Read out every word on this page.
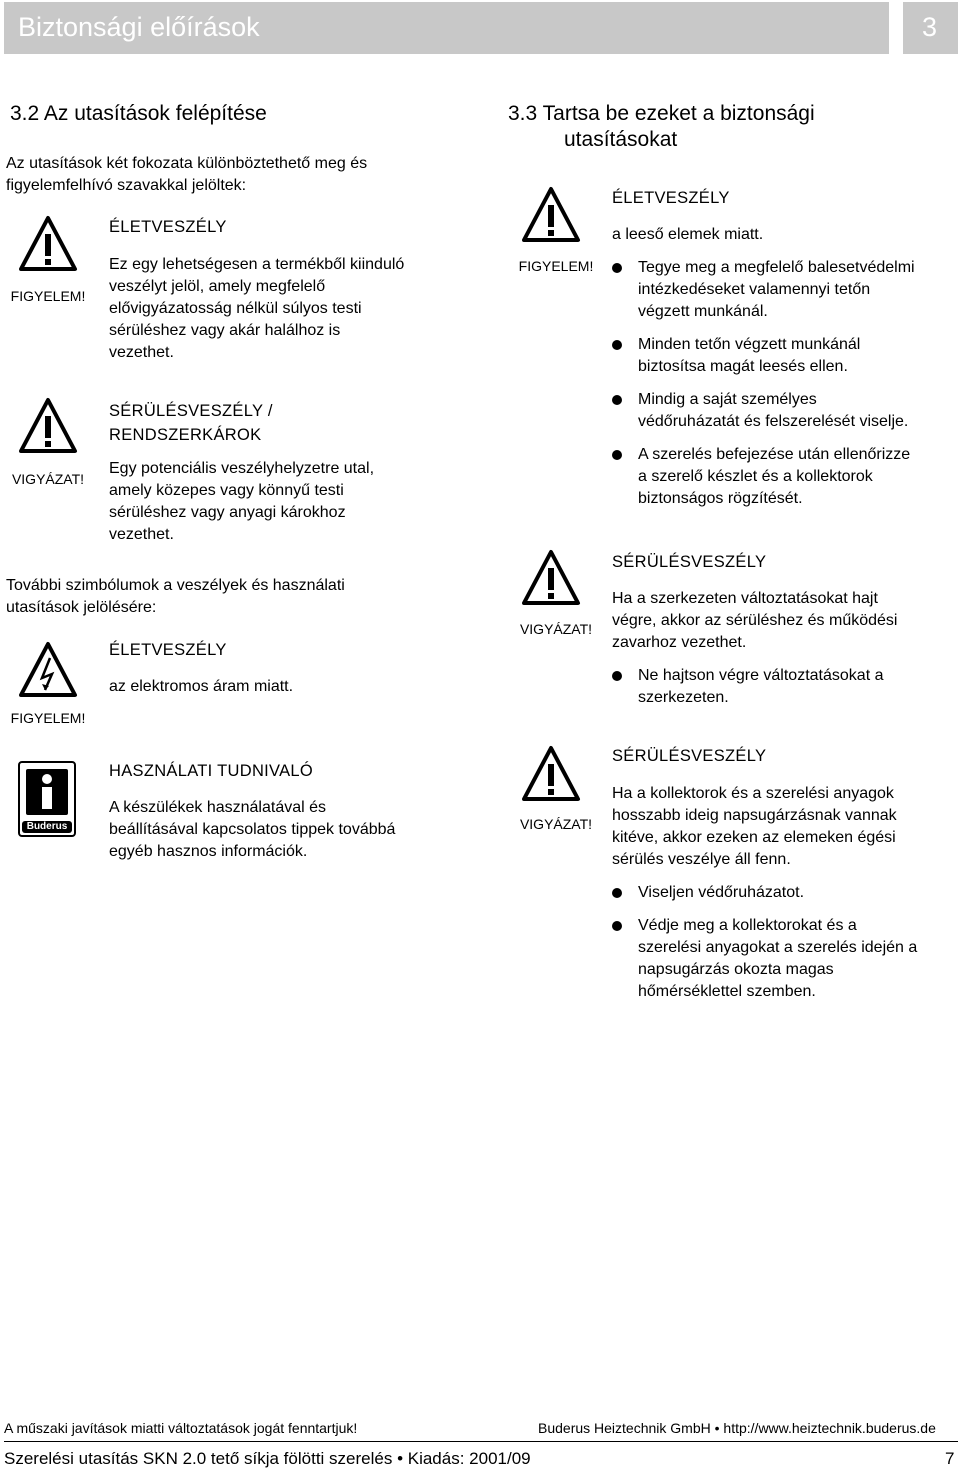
Biztonsági előírások	3
3.2 Az utasítások felépítése
Az utasítások két fokozata különböztethető meg és
figyelemfelhívó szavakkal jelöltek:
FIGYELEM!
ÉLETVESZÉLY
Ez egy lehetségesen a termékből kiinduló
veszélyt jelöl, amely megfelelő
elővigyázatosság nélkül súlyos testi
sérüléshez vagy akár halálhoz is
vezethet.
VIGYÁZAT!
SÉRÜLÉSVESZÉLY /
RENDSZERKÁROK
Egy potenciális veszélyhelyzetre utal,
amely közepes vagy könnyű testi
sérüléshez vagy anyagi károkhoz
vezethet.
További szimbólumok a veszélyek és használati
utasítások jelölésére:
FIGYELEM!
ÉLETVESZÉLY
az elektromos áram miatt.
Buderus
HASZNÁLATI TUDNIVALÓ
A készülékek használatával és
beállításával kapcsolatos tippek továbbá
egyéb hasznos információk.
3.3 Tartsa be ezeket a biztonsági
utasításokat
FIGYELEM!
ÉLETVESZÉLY
a leeső elemek miatt.
Tegye meg a megfelelő balesetvédelmi
intézkedéseket valamennyi tetőn
végzett munkánál.
Minden tetőn végzett munkánál
biztosítsa magát leesés ellen.
Mindig a saját személyes
védőruházatát és felszerelését viselje.
A szerelés befejezése után ellenőrizze
a szerelő készlet és a kollektorok
biztonságos rögzítését.
VIGYÁZAT!
SÉRÜLÉSVESZÉLY
Ha a szerkezeten változtatásokat hajt
végre, akkor az sérüléshez és működési
zavarhoz vezethet.
Ne hajtson végre változtatásokat a
szerkezeten.
VIGYÁZAT!
SÉRÜLÉSVESZÉLY
Ha a kollektorok és a szerelési anyagok
hosszabb ideig napsugárzásnak vannak
kitéve, akkor ezeken az elemeken égési
sérülés veszélye áll fenn.
Viseljen védőruházatot.
Védje meg a kollektorokat és a
szerelési anyagokat a szerelés idején a
napsugárzás okozta magas
hőmérséklettel szemben.
A műszaki javítások miatti változtatások jogát fenntartjuk!	Buderus Heiztechnik GmbH • http://www.heiztechnik.buderus.de
Szerelési utasítás SKN 2.0 tető síkja fölötti szerelés • Kiadás: 2001/09	7
